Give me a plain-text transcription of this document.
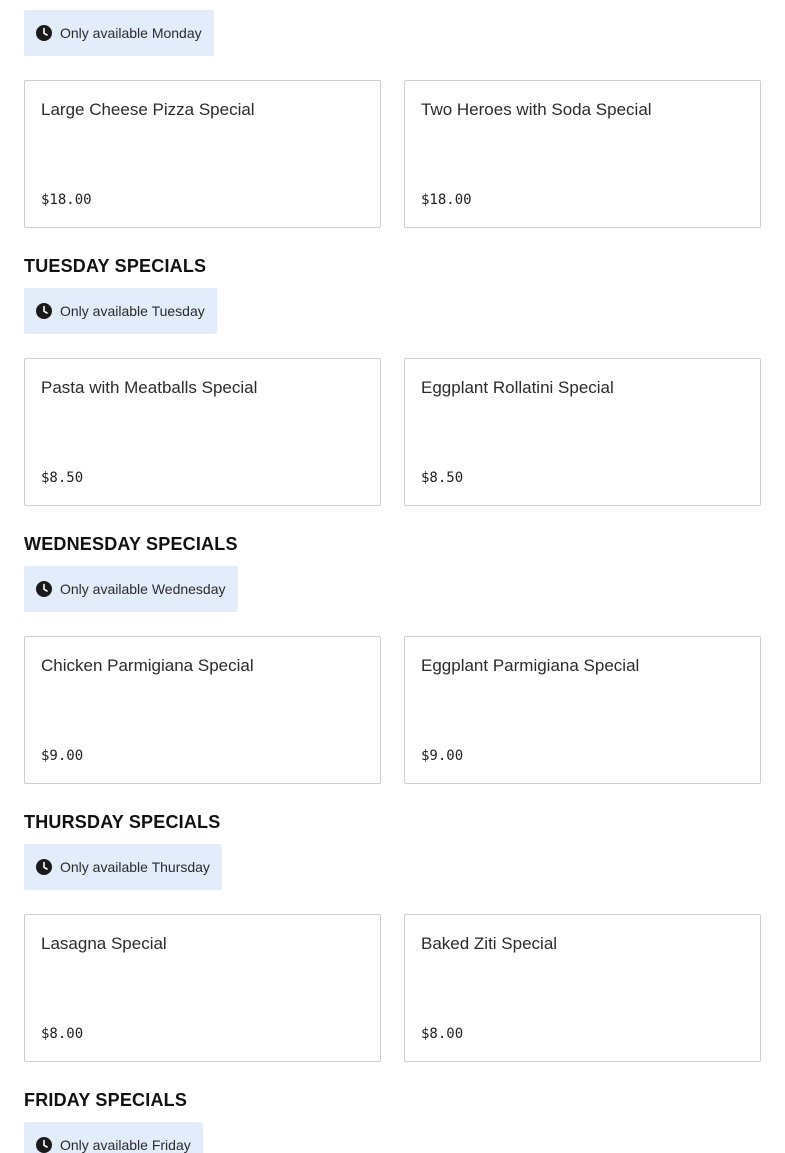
Only available Monday
Large Cheese Pizza Special
$18.00
Two Heroes with Soda Special
$18.00
TUESDAY SPECIALS
Only available Tuesday
Pasta with Meatballs Special
$8.50
Eggplant Rollatini Special
$8.50
WEDNESDAY SPECIALS
Only available Wednesday
Chicken Parmigiana Special
$9.00
Eggplant Parmigiana Special
$9.00
THURSDAY SPECIALS
Only available Thursday
Lasagna Special
$8.00
Baked Ziti Special
$8.00
FRIDAY SPECIALS
Only available Friday
